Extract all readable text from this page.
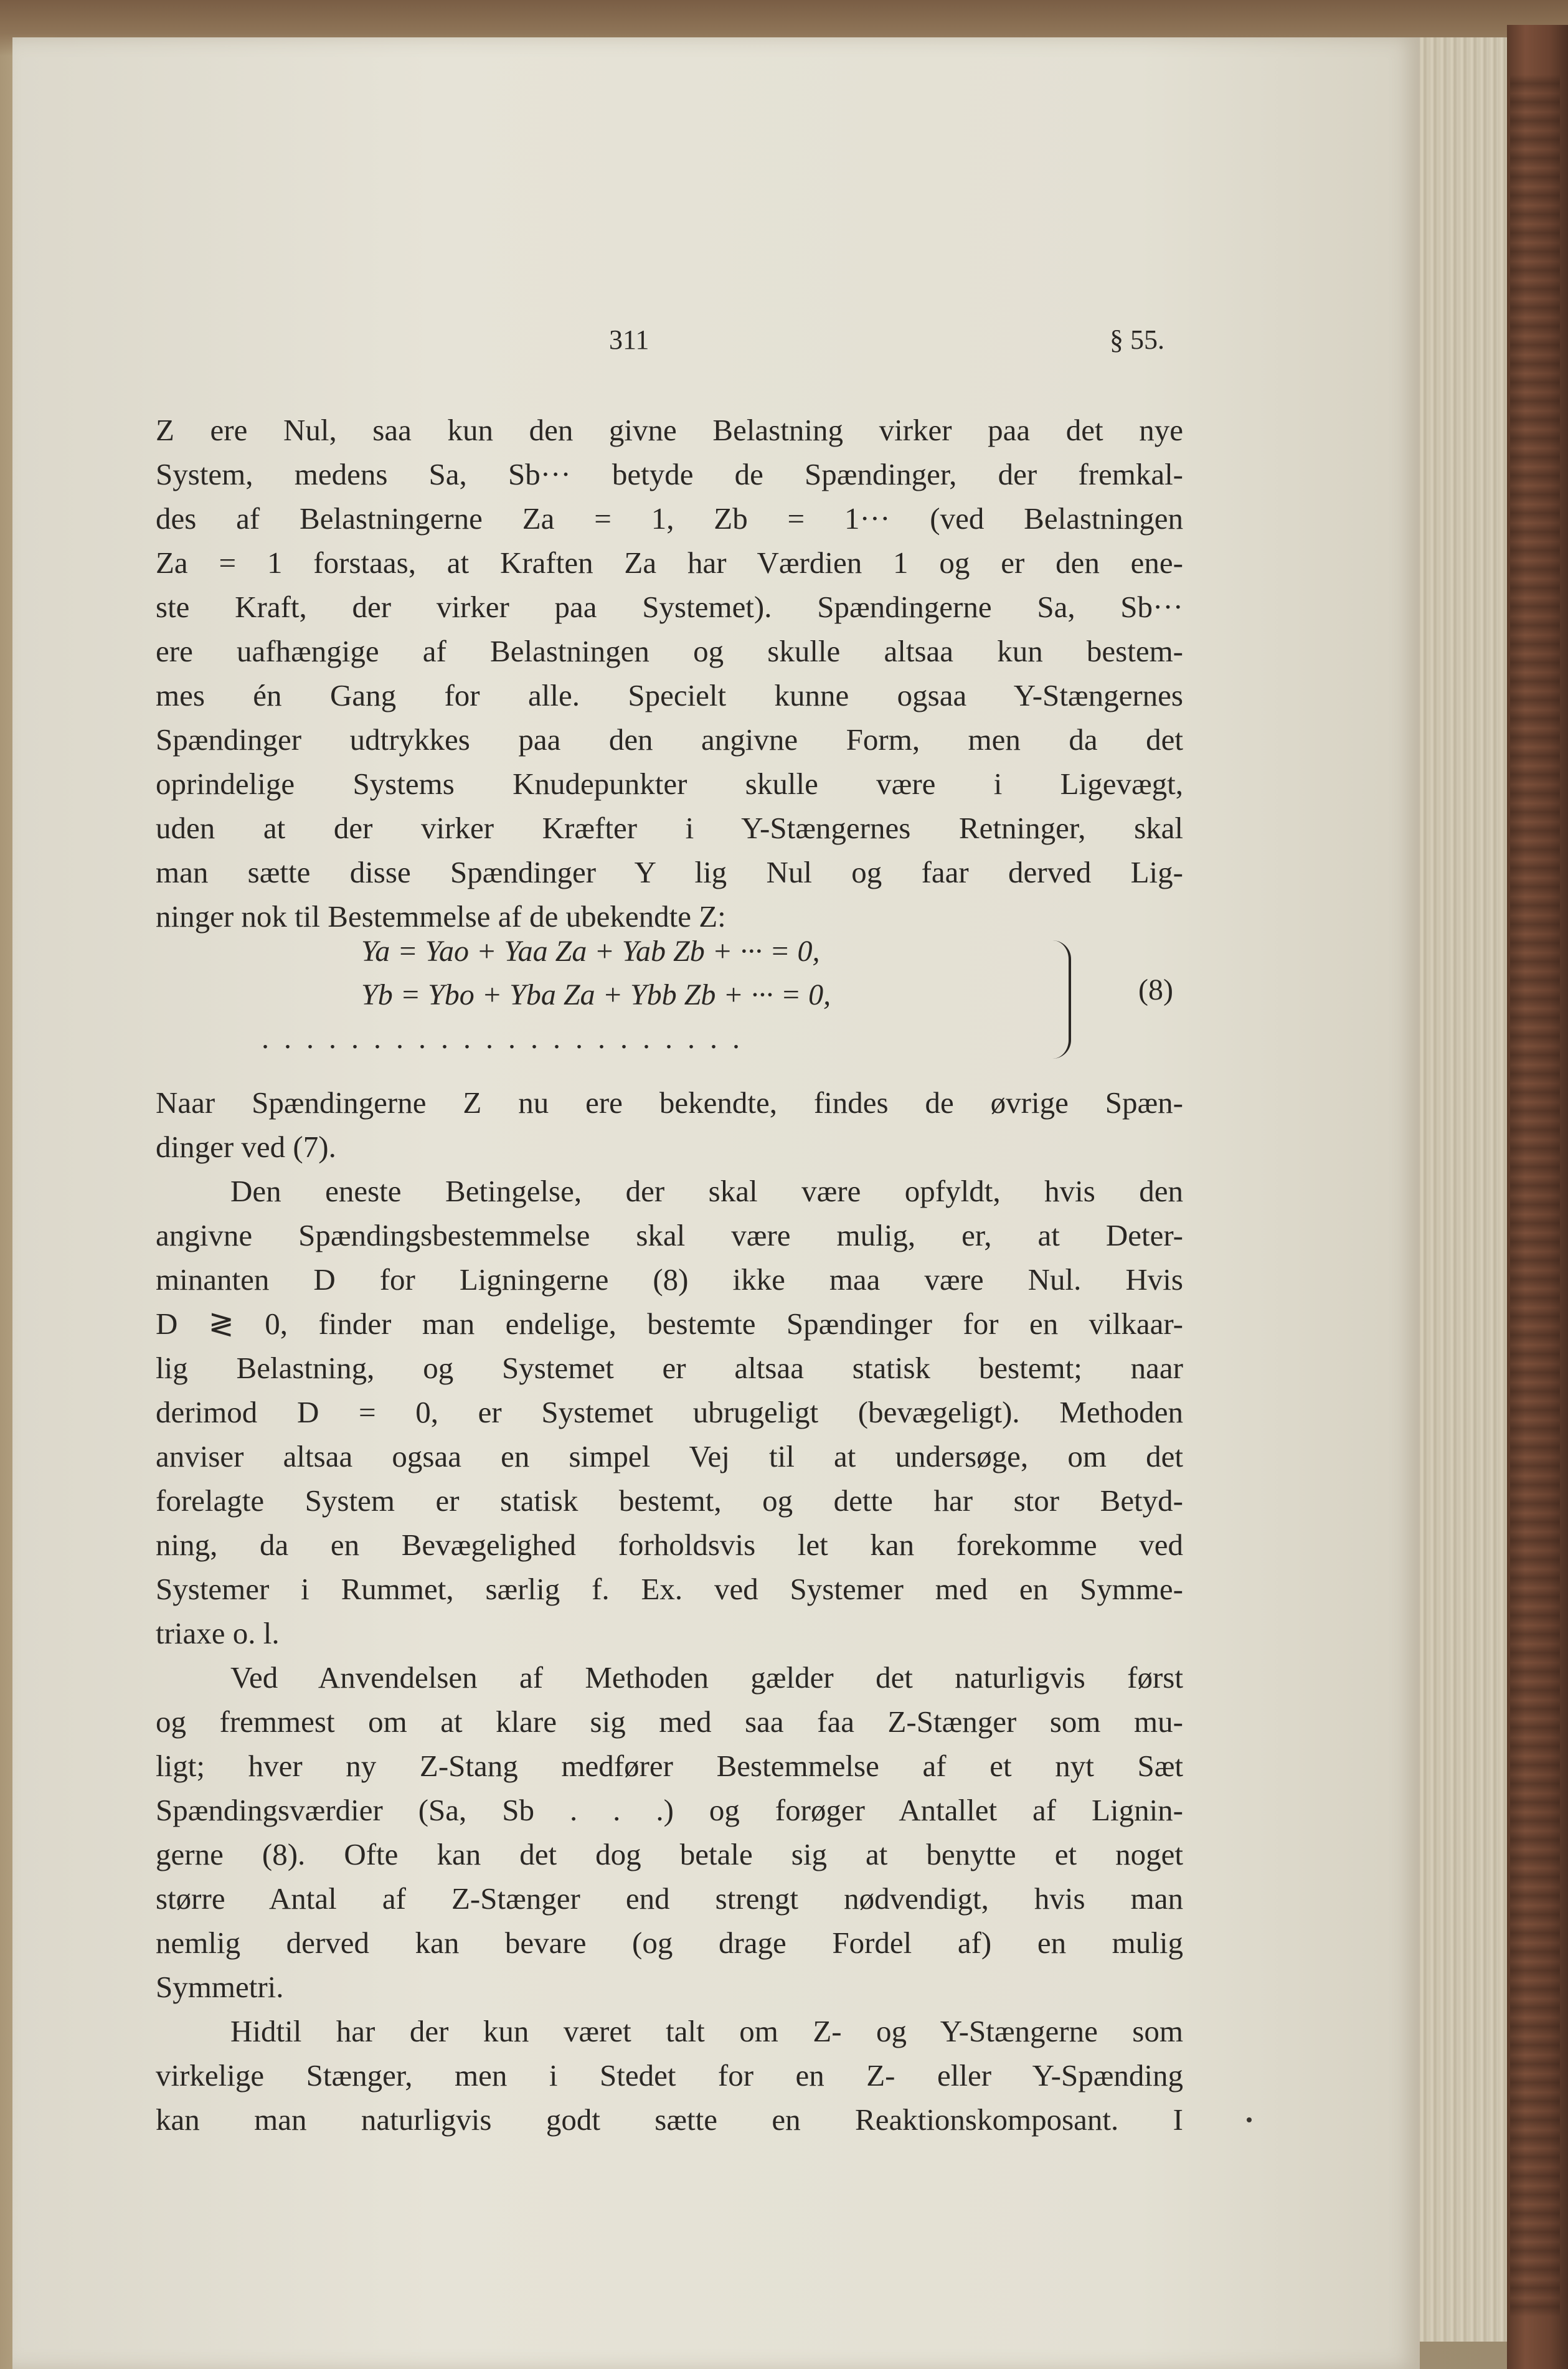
311	§ 55.
Z ere Nul, saa kun den givne Belastning virker paa det nye
System, medens Sa, Sb··· betyde de Spændinger, der fremkal-
des af Belastningerne Za = 1, Zb = 1··· (ved Belastningen
Za = 1 forstaas, at Kraften Za har Værdien 1 og er den ene-
ste Kraft, der virker paa Systemet). Spændingerne Sa, Sb···
ere uafhængige af Belastningen og skulle altsaa kun bestem-
mes én Gang for alle. Specielt kunne ogsaa Y-Stængernes
Spændinger udtrykkes paa den angivne Form, men da det
oprindelige Systems Knudepunkter skulle være i Ligevægt,
uden at der virker Kræfter i Y-Stængernes Retninger, skal
man sætte disse Spændinger Y lig Nul og faar derved Lig-
ninger nok til Bestemmelse af de ubekendte Z:
Ya = Yao + Yaa Za + Yab Zb + ··· = 0,
Yb = Ybo + Yba Za + Ybb Zb + ··· = 0,
......................
(8)
Naar Spændingerne Z nu ere bekendte, findes de øvrige Spæn-
dinger ved (7).
Den eneste Betingelse, der skal være opfyldt, hvis den
angivne Spændingsbestemmelse skal være mulig, er, at Deter-
minanten D for Ligningerne (8) ikke maa være Nul. Hvis
D ≷ 0, finder man endelige, bestemte Spændinger for en vilkaar-
lig Belastning, og Systemet er altsaa statisk bestemt; naar
derimod D = 0, er Systemet ubrugeligt (bevægeligt). Methoden
anviser altsaa ogsaa en simpel Vej til at undersøge, om det
forelagte System er statisk bestemt, og dette har stor Betyd-
ning, da en Bevægelighed forholdsvis let kan forekomme ved
Systemer i Rummet, særlig f. Ex. ved Systemer med en Symme-
triaxe o. l.
Ved Anvendelsen af Methoden gælder det naturligvis først
og fremmest om at klare sig med saa faa Z-Stænger som mu-
ligt; hver ny Z-Stang medfører Bestemmelse af et nyt Sæt
Spændingsværdier (Sa, Sb . . .) og forøger Antallet af Lignin-
gerne (8). Ofte kan det dog betale sig at benytte et noget
større Antal af Z-Stænger end strengt nødvendigt, hvis man
nemlig derved kan bevare (og drage Fordel af) en mulig
Symmetri.
Hidtil har der kun været talt om Z- og Y-Stængerne som
virkelige Stænger, men i Stedet for en Z- eller Y-Spænding
kan man naturligvis godt sætte en Reaktionskomposant. I
